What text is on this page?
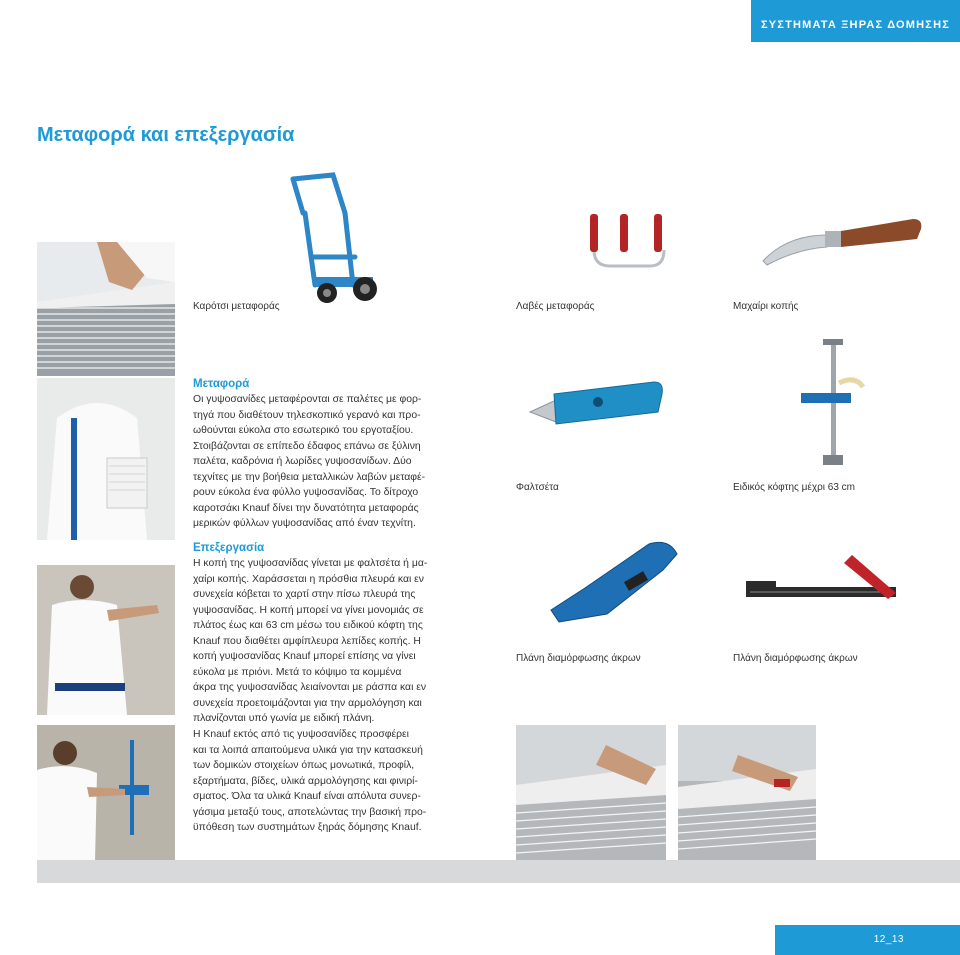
ΣΥΣΤΗΜΑΤΑ ΞΗΡΑΣ ΔΟΜΗΣΗΣ
Μεταφορά και επεξεργασία
Καρότσι μεταφοράς	Λαβές μεταφοράς	Μαχαίρι κοπής
Φαλτσέτα	Ειδικός κόφτης μέχρι 63 cm
Πλάνη διαμόρφωσης άκρων	Πλάνη διαμόρφωσης άκρων
Μεταφορά

Οι γυψοσανίδες μεταφέρονται σε παλέτες με φορ-
τηγά που διαθέτουν τηλεσκοπικό γερανό και προ-
ωθούνται εύκολα στο εσωτερικό του εργοταξίου.
Στοιβάζονται σε επίπεδο έδαφος επάνω σε ξύλινη
παλέτα, καδρόνια ή λωρίδες γυψοσανίδων. Δύο
τεχνίτες με την βοήθεια μεταλλικών λαβών μεταφέ-
ρουν εύκολα ένα φύλλο γυψοσανίδας. Το δίτροχο
καροτσάκι Knauf δίνει την δυνατότητα μεταφοράς
μερικών φύλλων γυψοσανίδας από έναν τεχνίτη.

Επεξεργασία

Η κοπή της γυψοσανίδας γίνεται με φαλτσέτα ή μα-
χαίρι κοπής. Χαράσσεται η πρόσθια πλευρά και εν
συνεχεία κόβεται το χαρτί στην πίσω πλευρά της
γυψοσανίδας. Η κοπή μπορεί να γίνει μονομιάς σε
πλάτος έως και 63 cm μέσω του ειδικού κόφτη της
Knauf που διαθέτει αμφίπλευρα λεπίδες κοπής. Η
κοπή γυψοσανίδας Knauf μπορεί επίσης να γίνει
εύκολα με πριόνι. Μετά το κόψιμο τα κομμένα
άκρα της γυψοσανίδας λειαίνονται με ράσπα και εν
συνεχεία προετοιμάζονται για την αρμολόγηση και
πλανίζονται υπό γωνία με ειδική πλάνη.

Η Knauf εκτός από τις γυψοσανίδες προσφέρει
και τα λοιπά απαιτούμενα υλικά για την κατασκευή
των δομικών στοιχείων όπως μονωτικά, προφίλ,
εξαρτήματα, βίδες, υλικά αρμολόγησης και φινιρί-
σματος. Όλα τα υλικά Knauf είναι απόλυτα συνερ-
γάσιμα μεταξύ τους, αποτελώντας την βασική προ-
ϋπόθεση των συστημάτων ξηράς δόμησης Knauf.

12_13
